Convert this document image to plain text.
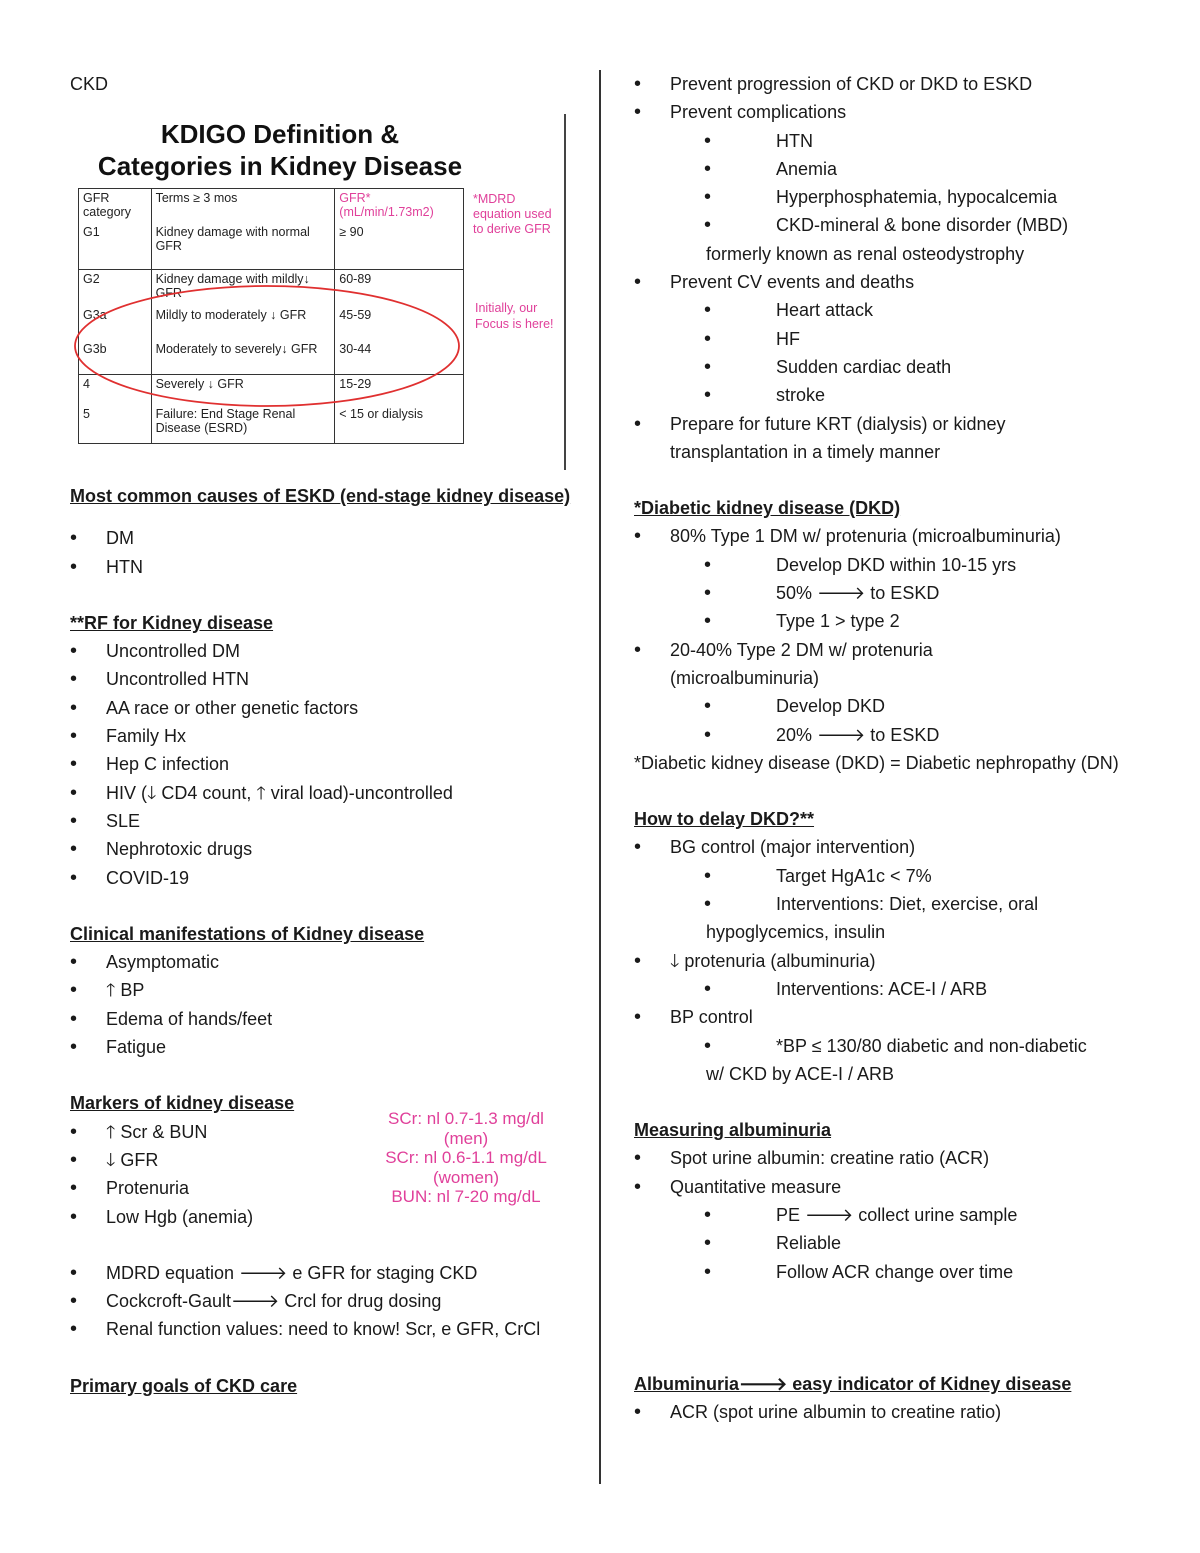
CKD
KDIGO Definition &
Categories in Kidney Disease
GFR category	Terms ≥ 3 mos	GFR* (mL/min/1.73m2)
G1	Kidney damage with normal GFR	≥ 90
G2	Kidney damage with mildly↓ GFR	60-89
G3a	Mildly to moderately ↓ GFR	45-59
G3b	Moderately to severely↓ GFR	30-44
4	Severely ↓ GFR	15-29
5	Failure: End Stage Renal Disease (ESRD)	< 15 or dialysis
*MDRD equation used to derive GFR
Initially, our Focus is here!
Most common causes of ESKD (end-stage kidney disease)
• DM
• HTN
**RF for Kidney disease
• Uncontrolled DM
• Uncontrolled HTN
• AA race or other genetic factors
• Family Hx
• Hep C infection
• HIV (🡓 CD4 count, 🡑 viral load)-uncontrolled
• SLE
• Nephrotoxic drugs
• COVID-19
Clinical manifestations of Kidney disease
• Asymptomatic
• 🡑 BP
• Edema of hands/feet
• Fatigue
Markers of kidney disease
• 🡑 Scr & BUN
• 🡓 GFR
• Protenuria
• Low Hgb (anemia)
SCr: nl 0.7-1.3 mg/dl
(men)
SCr: nl 0.6-1.1 mg/dL
(women)
BUN: nl 7-20 mg/dL
• MDRD equation 🡒 e GFR for staging CKD
• Cockcroft-Gault🡒 Crcl for drug dosing
• Renal function values: need to know! Scr, e GFR, CrCl
Primary goals of CKD care
• Prevent progression of CKD or DKD to ESKD
• Prevent complications
• HTN
• Anemia
• Hyperphosphatemia, hypocalcemia
• CKD-mineral & bone disorder (MBD)
formerly known as renal osteodystrophy
• Prevent CV events and deaths
• Heart attack
• HF
• Sudden cardiac death
• stroke
• Prepare for future KRT (dialysis) or kidney transplantation in a timely manner
*Diabetic kidney disease (DKD)
• 80% Type 1 DM w/ protenuria (microalbuminuria)
• Develop DKD within 10-15 yrs
• 50% 🡒 to ESKD
• Type 1 > type 2
• 20-40% Type 2 DM w/ protenuria (microalbuminuria)
• Develop DKD
• 20% 🡒 to ESKD
*Diabetic kidney disease (DKD) = Diabetic nephropathy (DN)
How to delay DKD?**
• BG control (major intervention)
• Target HgA1c < 7%
• Interventions: Diet, exercise, oral
hypoglycemics, insulin
• 🡓 protenuria (albuminuria)
• Interventions: ACE-I / ARB
• BP control
• *BP ≤ 130/80 diabetic and non-diabetic
w/ CKD by ACE-I / ARB
Measuring albuminuria
• Spot urine albumin: creatine ratio (ACR)
• Quantitative measure
• PE 🡒 collect urine sample
• Reliable
• Follow ACR change over time
Albuminuria🡒 easy indicator of Kidney disease
• ACR (spot urine albumin to creatine ratio)
